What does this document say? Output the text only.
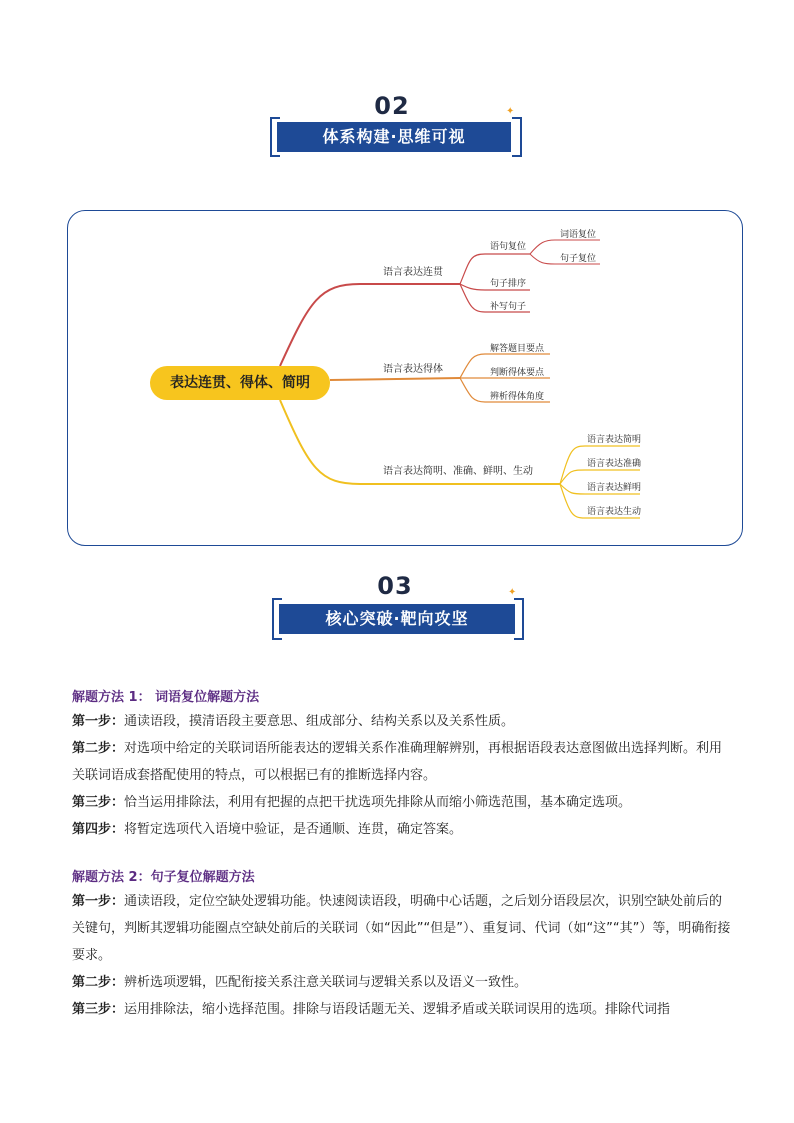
02	✦
体系构建·思维可视
表达连贯、得体、简明
语言表达连贯
语句复位
词语复位
句子复位
句子排序
补写句子
语言表达得体
解答题目要点
判断得体要点
辨析得体角度
语言表达简明、准确、鲜明、生动
语言表达简明
语言表达准确
语言表达鲜明
语言表达生动
03	✦
核心突破·靶向攻坚
解题方法 1： 词语复位解题方法
第一步：通读语段，摸清语段主要意思、组成部分、结构关系以及关系性质。
第二步：对选项中给定的关联词语所能表达的逻辑关系作准确理解辨别，再根据语段表达意图做出选择判断。利用关联词语成套搭配使用的特点，可以根据已有的推断选择内容。
第三步：恰当运用排除法，利用有把握的点把干扰选项先排除从而缩小筛选范围，基本确定选项。
第四步：将暂定选项代入语境中验证，是否通顺、连贯，确定答案。
解题方法 2：句子复位解题方法
第一步：通读语段，定位空缺处逻辑功能。快速阅读语段，明确中心话题，之后划分语段层次，识别空缺处前后的关键句，判断其逻辑功能圈点空缺处前后的关联词（如“因此”“但是”）、重复词、代词（如“这”“其”）等，明确衔接要求。
第二步：辨析选项逻辑，匹配衔接关系注意关联词与逻辑关系以及语义一致性。
第三步：运用排除法，缩小选择范围。排除与语段话题无关、逻辑矛盾或关联词误用的选项。排除代词指
